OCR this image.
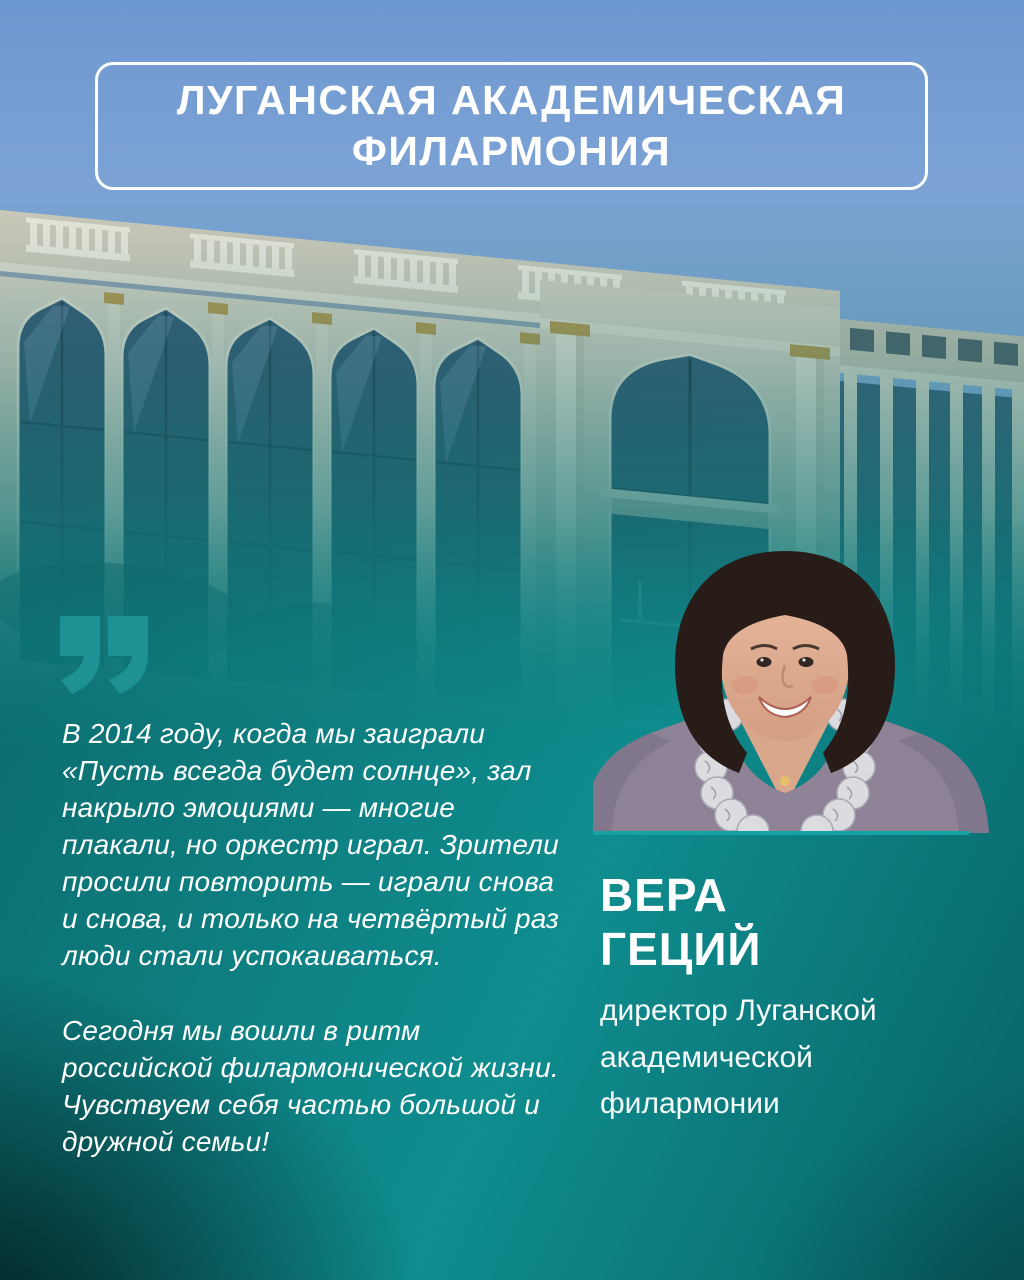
ЛУГАНСКАЯ АКАДЕМИЧЕСКАЯ ФИЛАРМОНИЯ

В 2014 году, когда мы заиграли «Пусть всегда будет солнце», зал накрыло эмоциями — многие плакали, но оркестр играл. Зрители просили повторить — играли снова и снова, и только на четвёртый раз люди стали успокаиваться.

Сегодня мы вошли в ритм российской филармонической жизни. Чувствуем себя частью большой и дружной семьи!

ВЕРА
ГЕЦИЙ

директор Луганской академической филармонии
